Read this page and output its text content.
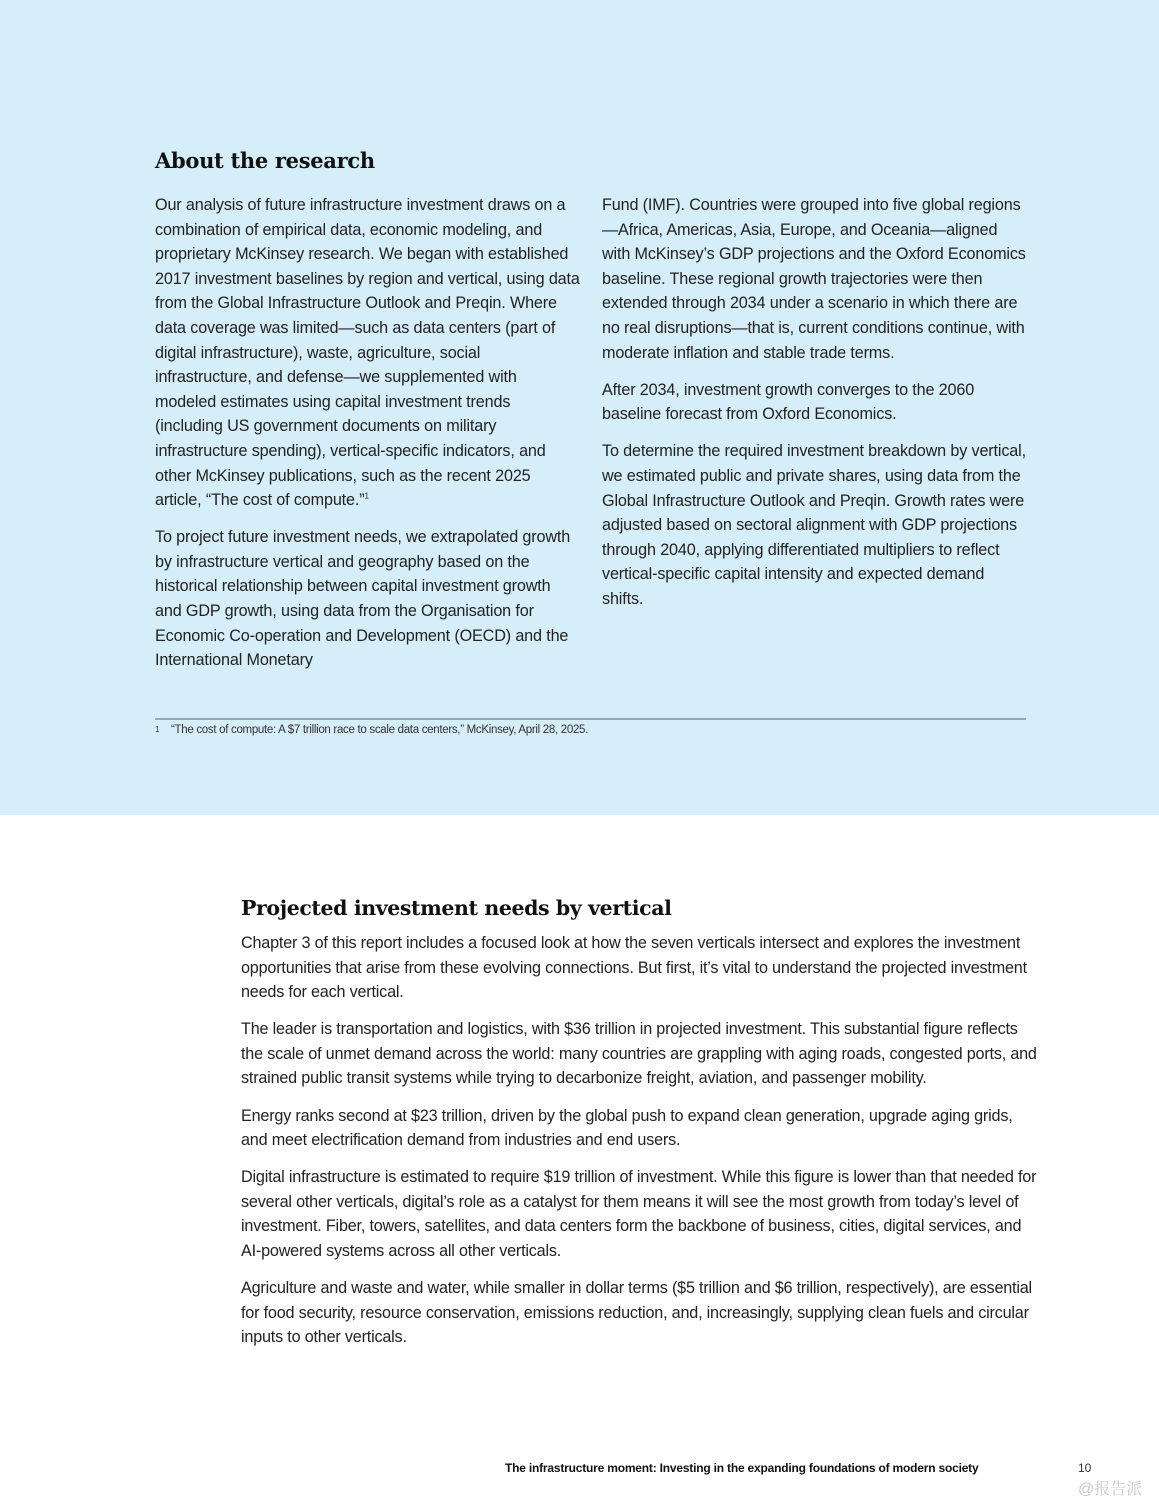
About the research

Our analysis of future infrastructure investment draws on a combination of empirical data, economic modeling, and proprietary McKinsey research. We began with established 2017 investment baselines by region and vertical, using data from the Global Infrastructure Outlook and Preqin. Where data coverage was limited—such as data centers (part of digital infrastructure), waste, agriculture, social infrastructure, and defense—we supplemented with modeled estimates using capital investment trends (including US government documents on military infrastructure spending), vertical-specific indicators, and other McKinsey publications, such as the recent 2025 article, “The cost of compute.”$^1$

To project future investment needs, we extrapolated growth by infrastructure vertical and geography based on the historical relationship between capital investment growth and GDP growth, using data from the Organisation for Economic Co-operation and Development (OECD) and the International Monetary

Fund (IMF). Countries were grouped into five global regions—Africa, Americas, Asia, Europe, and Oceania—aligned with McKinsey’s GDP projections and the Oxford Economics baseline. These regional growth trajectories were then extended through 2034 under a scenario in which there are no real disruptions—that is, current conditions continue, with moderate inflation and stable trade terms.

After 2034, investment growth converges to the 2060 baseline forecast from Oxford Economics.

To determine the required investment breakdown by vertical, we estimated public and private shares, using data from the Global Infrastructure Outlook and Preqin. Growth rates were adjusted based on sectoral alignment with GDP projections through 2040, applying differentiated multipliers to reflect vertical-specific capital intensity and expected demand shifts.

1 “The cost of compute: A $7 trillion race to scale data centers,” McKinsey, April 28, 2025.
Projected investment needs by vertical

Chapter 3 of this report includes a focused look at how the seven verticals intersect and explores the investment opportunities that arise from these evolving connections. But first, it’s vital to understand the projected investment needs for each vertical.

The leader is transportation and logistics, with $36 trillion in projected investment. This substantial figure reflects the scale of unmet demand across the world: many countries are grappling with aging roads, congested ports, and strained public transit systems while trying to decarbonize freight, aviation, and passenger mobility.

Energy ranks second at $23 trillion, driven by the global push to expand clean generation, upgrade aging grids, and meet electrification demand from industries and end users.

Digital infrastructure is estimated to require $19 trillion of investment. While this figure is lower than that needed for several other verticals, digital’s role as a catalyst for them means it will see the most growth from today’s level of investment. Fiber, towers, satellites, and data centers form the backbone of business, cities, digital services, and AI-powered systems across all other verticals.

Agriculture and waste and water, while smaller in dollar terms ($5 trillion and $6 trillion, respectively), are essential for food security, resource conservation, emissions reduction, and, increasingly, supplying clean fuels and circular inputs to other verticals.

The infrastructure moment: Investing in the expanding foundations of modern society	10
@报告派
